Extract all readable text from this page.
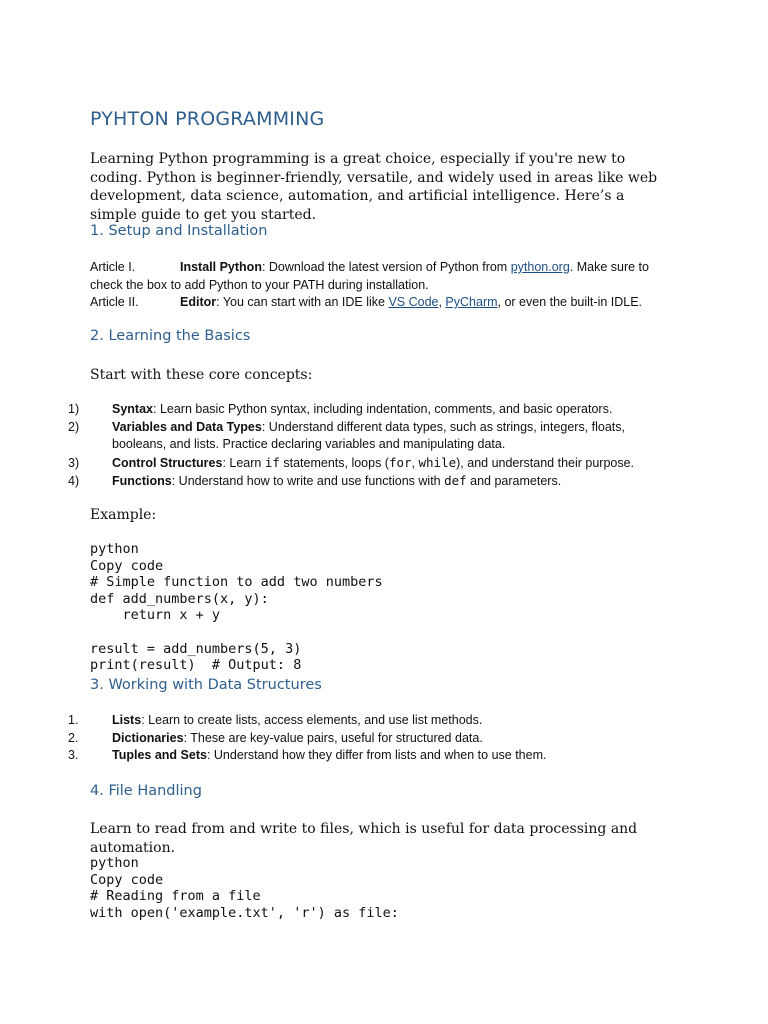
PYHTON PROGRAMMING

Learning Python programming is a great choice, especially if you're new to coding. Python is beginner-friendly, versatile, and widely used in areas like web development, data science, automation, and artificial intelligence. Here’s a simple guide to get you started.

1. Setup and Installation
Article I.	Install Python: Download the latest version of Python from python.org. Make sure to check the box to add Python to your PATH during installation.
Article II.	Editor: You can start with an IDE like VS Code, PyCharm, or even the built-in IDLE.
2. Learning the Basics

Start with these core concepts:

1)	Syntax: Learn basic Python syntax, including indentation, comments, and basic operators.
2)	Variables and Data Types: Understand different data types, such as strings, integers, floats, booleans, and lists. Practice declaring variables and manipulating data.
3)	Control Structures: Learn if statements, loops (for, while), and understand their purpose.
4)	Functions: Understand how to write and use functions with def and parameters.

Example:

python
Copy code
# Simple function to add two numbers
def add_numbers(x, y):
return x + y

result = add_numbers(5, 3)
print(result)  # Output: 8
3. Working with Data Structures
1.	Lists: Learn to create lists, access elements, and use list methods.
2.	Dictionaries: These are key-value pairs, useful for structured data.
3.	Tuples and Sets: Understand how they differ from lists and when to use them.
4. File Handling

Learn to read from and write to files, which is useful for data processing and automation.

python
Copy code
# Reading from a file
with open('example.txt', 'r') as file:
